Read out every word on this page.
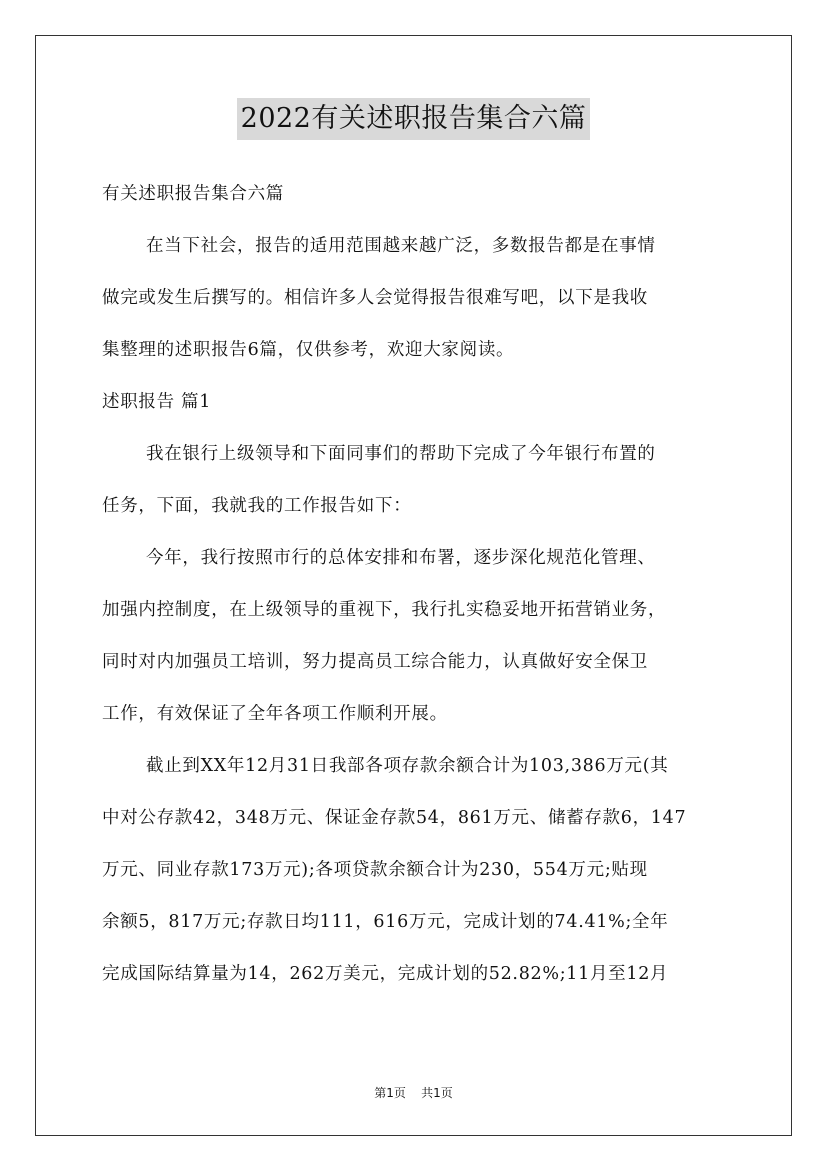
2022有关述职报告集合六篇
有关述职报告集合六篇
在当下社会，报告的适用范围越来越广泛，多数报告都是在事情
做完或发生后撰写的。相信许多人会觉得报告很难写吧，以下是我收
集整理的述职报告6篇，仅供参考，欢迎大家阅读。
述职报告 篇1
我在银行上级领导和下面同事们的帮助下完成了今年银行布置的
任务，下面，我就我的工作报告如下：
今年，我行按照市行的总体安排和布署，逐步深化规范化管理、
加强内控制度，在上级领导的重视下，我行扎实稳妥地开拓营销业务，
同时对内加强员工培训，努力提高员工综合能力，认真做好安全保卫
工作，有效保证了全年各项工作顺利开展。
截止到XX年12月31日我部各项存款余额合计为103,386万元(其
中对公存款42，348万元、保证金存款54，861万元、储蓄存款6，147
万元、同业存款173万元);各项贷款余额合计为230，554万元;贴现
余额5，817万元;存款日均111，616万元，完成计划的74.41%;全年
完成国际结算量为14，262万美元，完成计划的52.82%;11月至12月
第1页 共1页
